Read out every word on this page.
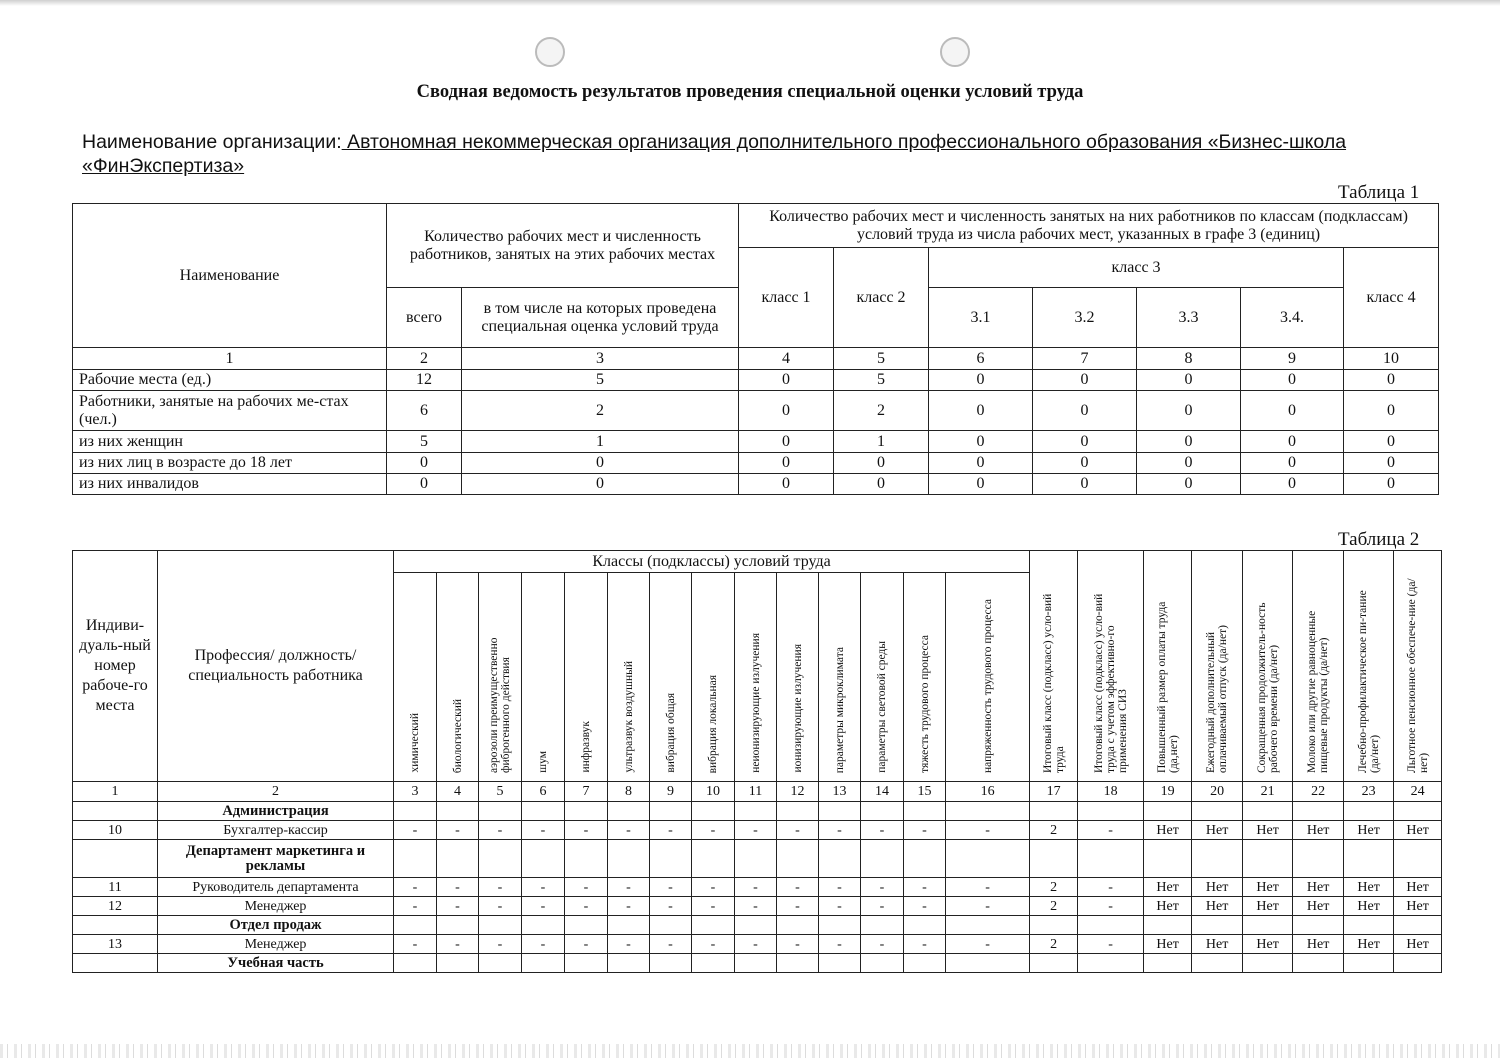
Сводная ведомость результатов проведения специальной оценки условий труда
Наименование организации: Автономная некоммерческая организация дополнительного профессионального образования «Бизнес-школа «ФинЭкспертиза»
Таблица 1
Наименование	Количество рабочих мест и численность работников, занятых на этих рабочих местах		Количество рабочих мест и численность занятых на них работников по классам (подклассам) условий труда из числа рабочих мест, указанных в графе 3 (единиц)						
			класс 1	класс 2	класс 3				класс 4
	всего	в том числе на которых проведена специальная оценка условий труда			3.1	3.2	3.3	3.4.	
1	2	3	4	5	6	7	8	9	10
Рабочие места (ед.)	12	5	0	5	0	0	0	0	0
Работники, занятые на рабочих ме-стах (чел.)	6	2	0	2	0	0	0	0	0
из них женщин	5	1	0	1	0	0	0	0	0
из них лиц в возрасте до 18 лет	0	0	0	0	0	0	0	0	0
из них инвалидов	0	0	0	0	0	0	0	0	0
Таблица 2
Индиви-дуаль-ный номер рабоче-го места	Профессия/ должность/ специальность работника	Классы (подклассы) условий труда														Итоговый класс (подкласс) усло-вий труда	Итоговый класс (подкласс) усло-вий труда с учетом эффективно-го применения СИЗ	Повышенный размер оплаты труда (да,нет)	Ежегодный дополнительный оплачиваемый отпуск (да/нет)	Сокращенная продолжитель-ность рабочего времени (да/нет)	Молоко или другие равноценные пищевые продукты (да/нет)	Лечебно-профилактическое пи-тание (да/нет)	Льготное пенсионное обеспече-ние (да/нет)
		химический	биологический	аэрозоли преимущественно фиброгенного действия	шум	инфразвук	ультразвук воздушный	вибрация общая	вибрация локальная	неионизирующие излучения	ионизирующие излучения	параметры микроклимата	параметры световой среды	тяжесть трудового процесса	напряженность трудового процесса								
1	2	3	4	5	6	7	8	9	10	11	12	13	14	15	16	17	18	19	20	21	22	23	24
	Администрация																						
10	Бухгалтер-кассир	-	-	-	-	-	-	-	-	-	-	-	-	-	-	2	-	Нет	Нет	Нет	Нет	Нет	Нет
	Департамент маркетинга и рекламы																						
11	Руководитель департамента	-	-	-	-	-	-	-	-	-	-	-	-	-	-	2	-	Нет	Нет	Нет	Нет	Нет	Нет
12	Менеджер	-	-	-	-	-	-	-	-	-	-	-	-	-	-	2	-	Нет	Нет	Нет	Нет	Нет	Нет
	Отдел продаж																						
13	Менеджер	-	-	-	-	-	-	-	-	-	-	-	-	-	-	2	-	Нет	Нет	Нет	Нет	Нет	Нет
	Учебная часть																						
